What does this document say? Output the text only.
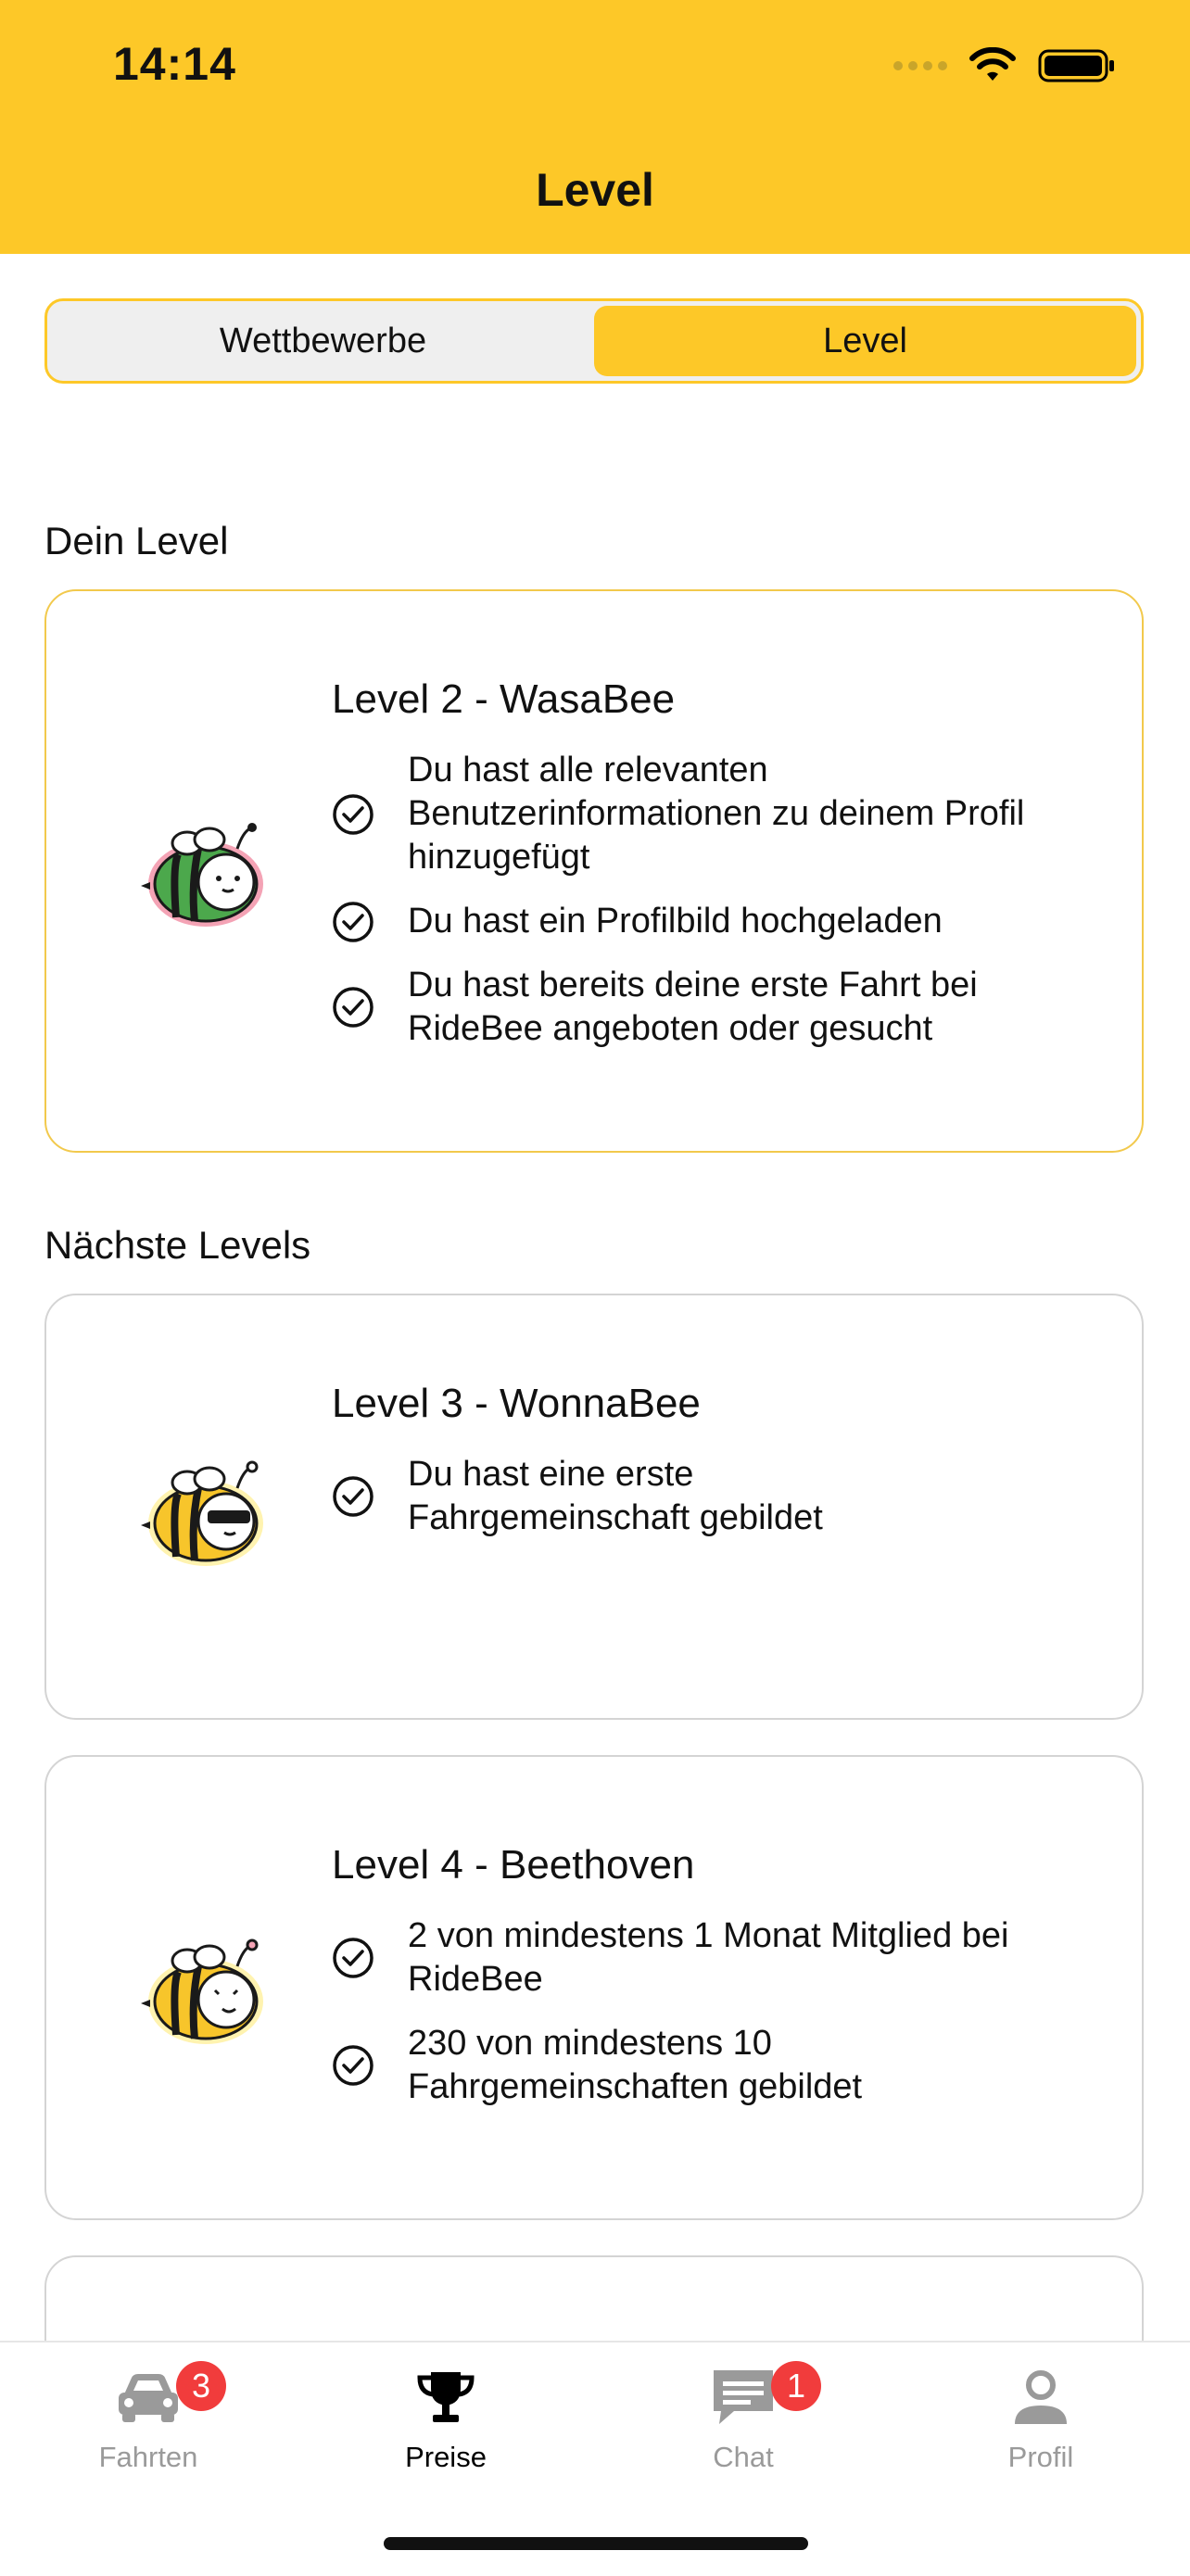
14:14
Level
Wettbewerbe	Level
Dein Level
Level 2 - WasaBee
Du hast alle relevanten Benutzerinformationen zu deinem Profil hinzugefügt
Du hast ein Profilbild hochgeladen
Du hast bereits deine erste Fahrt bei RideBee angeboten oder gesucht
Nächste Levels
Level 3 - WonnaBee
Du hast eine erste Fahrgemeinschaft gebildet
Level 4 - Beethoven
2 von mindestens 1 Monat Mitglied bei RideBee
230 von mindestens 10 Fahrgemeinschaften gebildet
Fahrten
3
Preise	Chat
1
Profil
